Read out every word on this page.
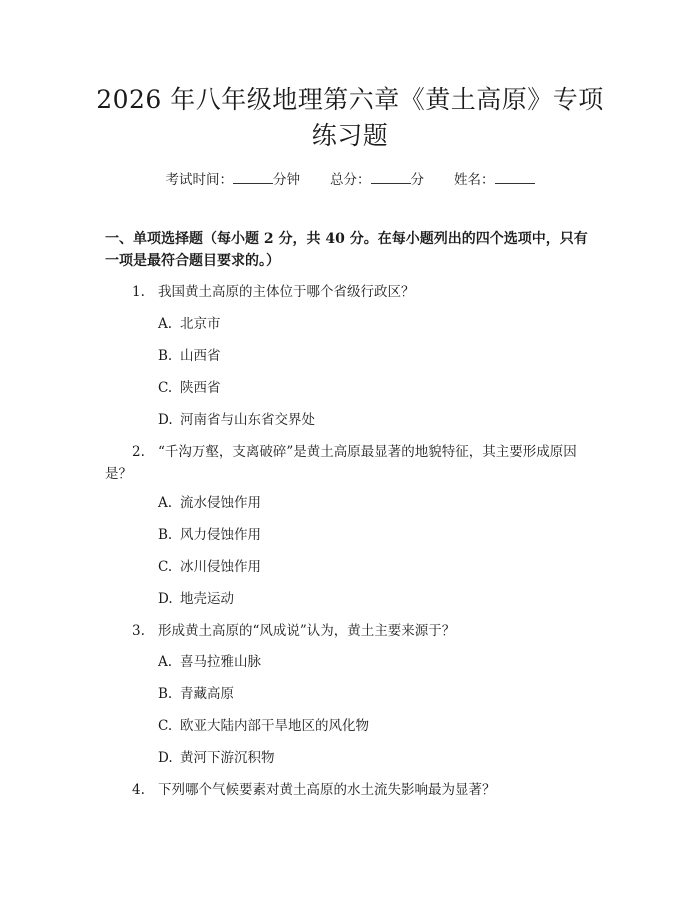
2026 年八年级地理第六章《黄土高原》专项
练习题
考试时间：	分钟 总分：	分 姓名：
一、单项选择题（每小题 2 分，共 40 分。在每小题列出的四个选项中，只有一项是最符合题目要求的。）
1. 我国黄土高原的主体位于哪个省级行政区？
A. 北京市
B. 山西省
C. 陕西省
D. 河南省与山东省交界处
2. “千沟万壑，支离破碎”是黄土高原最显著的地貌特征，其主要形成原因是？
A. 流水侵蚀作用
B. 风力侵蚀作用
C. 冰川侵蚀作用
D. 地壳运动
3. 形成黄土高原的“风成说”认为，黄土主要来源于？
A. 喜马拉雅山脉
B. 青藏高原
C. 欧亚大陆内部干旱地区的风化物
D. 黄河下游沉积物
4. 下列哪个气候要素对黄土高原的水土流失影响最为显著？
